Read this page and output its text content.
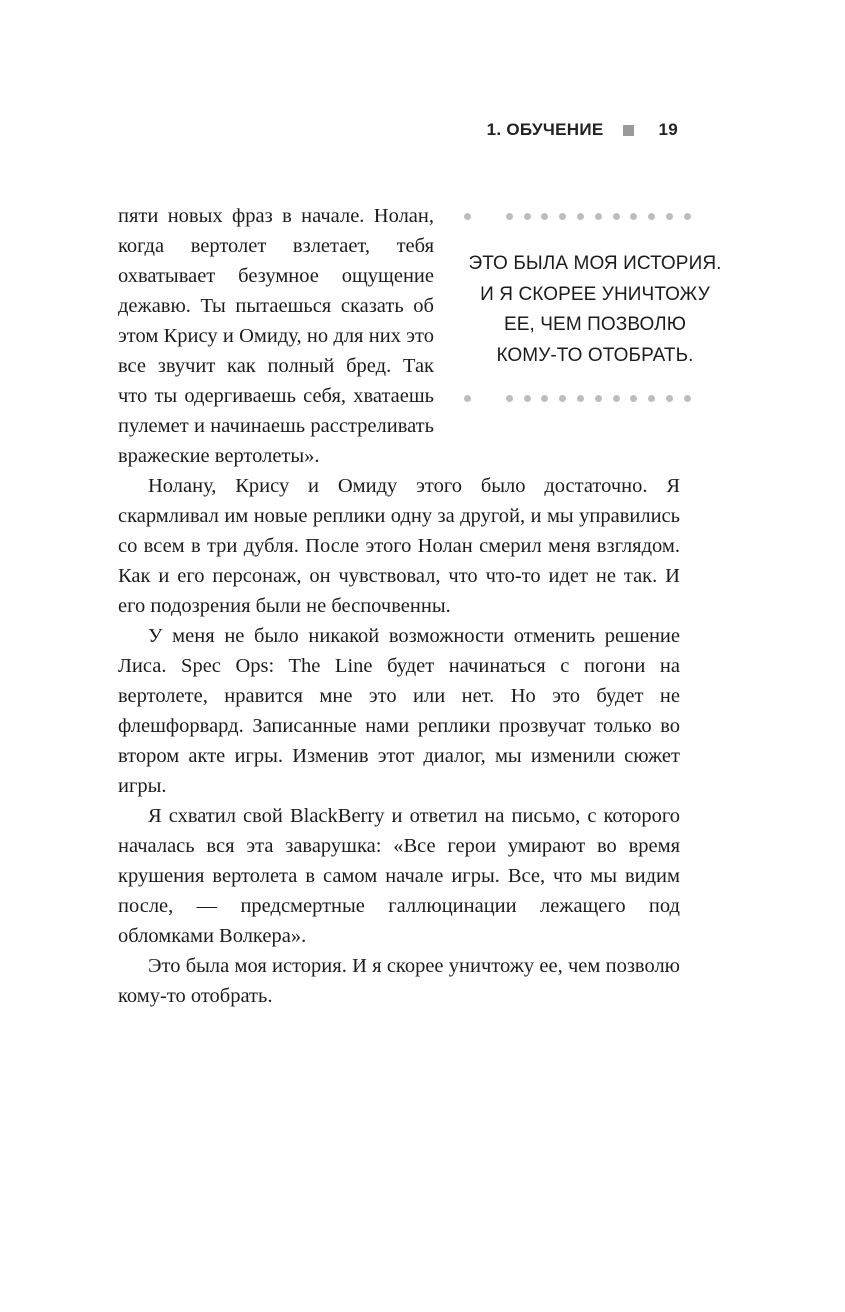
1. ОБУЧЕНИЕ	19

ЭТО БЫЛА МОЯ ИСТОРИЯ.
И Я СКОРЕЕ УНИЧТОЖУ
ЕЕ, ЧЕМ ПОЗВОЛЮ
КОМУ-ТО ОТОБРАТЬ.
пяти новых фраз в начале. Нолан, когда вертолет взлетает, тебя охватывает безумное ощущение дежавю. Ты пытаешься сказать об этом Крису и Омиду, но для них это все звучит как полный бред. Так что ты одергиваешь себя, хватаешь пулемет и начинаешь расстреливать вражеские вертолеты».

Нолану, Крису и Омиду этого было достаточно. Я скармливал им новые реплики одну за другой, и мы управились со всем в три дубля. После этого Нолан смерил меня взглядом. Как и его персонаж, он чувствовал, что что-то идет не так. И его подозрения были не беспочвенны.

У меня не было никакой возможности отменить решение Лиса. Spec Ops: The Line будет начинаться с погони на вертолете, нравится мне это или нет. Но это будет не флешфорвард. Записанные нами реплики прозвучат только во втором акте игры. Изменив этот диалог, мы изменили сюжет игры.

Я схватил свой BlackBerry и ответил на письмо, с которого началась вся эта заварушка: «Все герои умирают во время крушения вертолета в самом начале игры. Все, что мы видим после, — предсмертные галлюцинации лежащего под обломками Волкера».

Это была моя история. И я скорее уничтожу ее, чем позволю кому-то отобрать.
